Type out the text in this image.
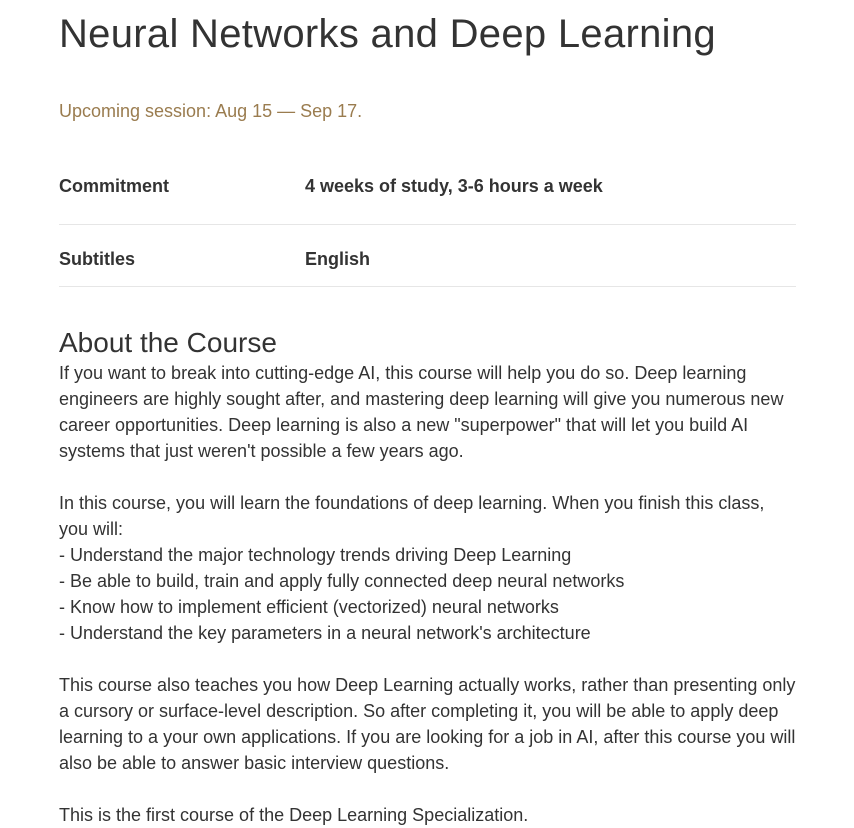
Neural Networks and Deep Learning
Upcoming session: Aug 15 — Sep 17.
Commitment	4 weeks of study, 3-6 hours a week
Subtitles	English
About the Course

If you want to break into cutting-edge AI, this course will help you do so. Deep learning engineers are highly sought after, and mastering deep learning will give you numerous new career opportunities. Deep learning is also a new "superpower" that will let you build AI systems that just weren't possible a few years ago.

In this course, you will learn the foundations of deep learning. When you finish this class, you will:

- Understand the major technology trends driving Deep Learning
- Be able to build, train and apply fully connected deep neural networks
- Know how to implement efficient (vectorized) neural networks
- Understand the key parameters in a neural network's architecture

This course also teaches you how Deep Learning actually works, rather than presenting only a cursory or surface-level description. So after completing it, you will be able to apply deep learning to a your own applications. If you are looking for a job in AI, after this course you will also be able to answer basic interview questions.

This is the first course of the Deep Learning Specialization.
